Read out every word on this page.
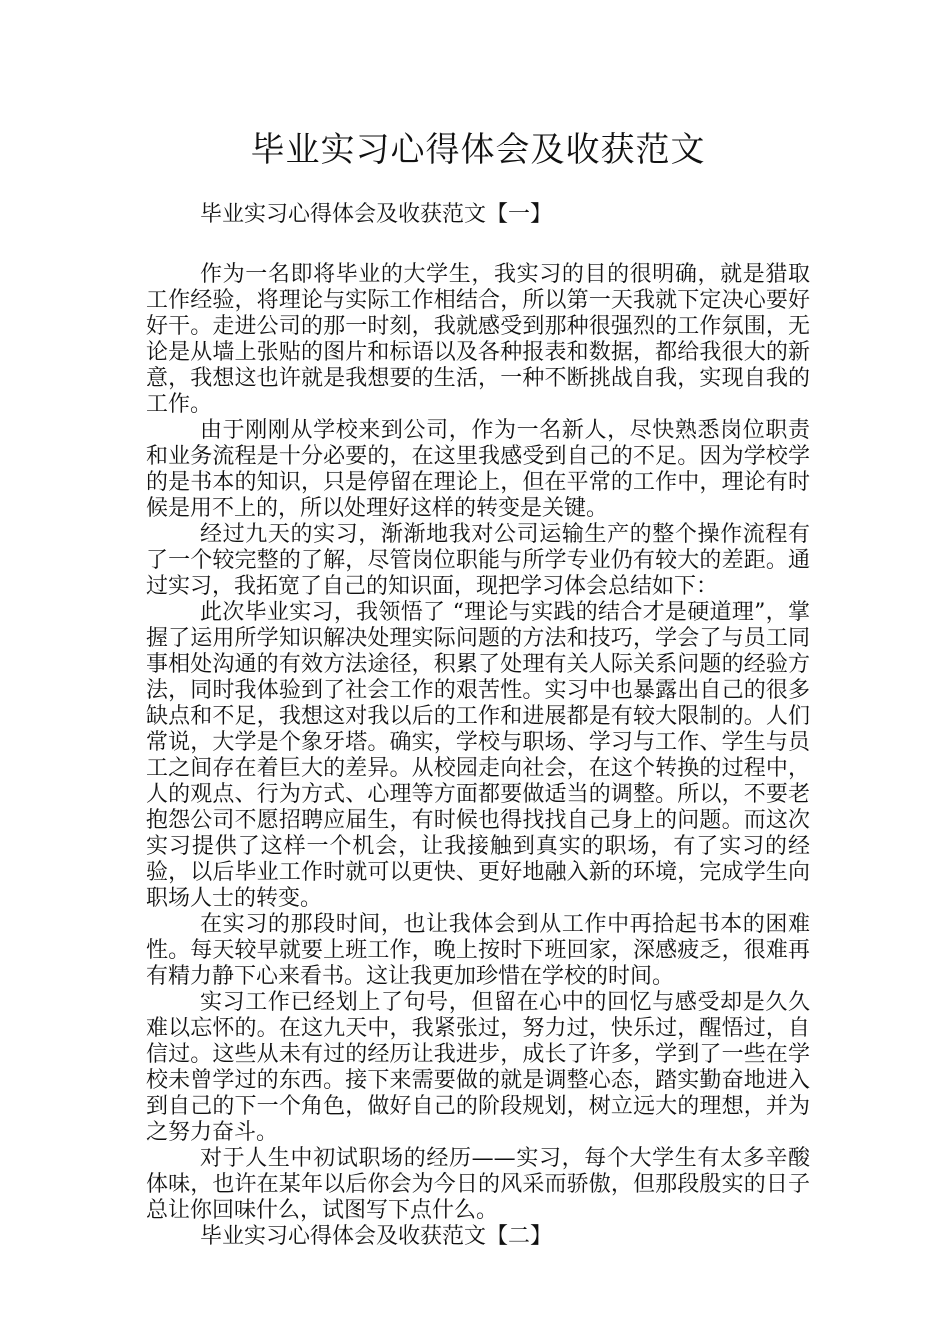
毕业实习心得体会及收获范文

毕业实习心得体会及收获范文【一】

作为一名即将毕业的大学生，我实习的目的很明确，就是猎取工作经验，将理论与实际工作相结合，所以第一天我就下定决心要好好干。走进公司的那一时刻，我就感受到那种很强烈的工作氛围，无论是从墙上张贴的图片和标语以及各种报表和数据，都给我很大的新意，我想这也许就是我想要的生活，一种不断挑战自我，实现自我的工作。

由于刚刚从学校来到公司，作为一名新人，尽快熟悉岗位职责和业务流程是十分必要的，在这里我感受到自己的不足。因为学校学的是书本的知识，只是停留在理论上，但在平常的工作中，理论有时候是用不上的，所以处理好这样的转变是关键。

经过九天的实习，渐渐地我对公司运输生产的整个操作流程有了一个较完整的了解，尽管岗位职能与所学专业仍有较大的差距。通过实习，我拓宽了自己的知识面，现把学习体会总结如下：

此次毕业实习，我领悟了 “理论与实践的结合才是硬道理”，掌握了运用所学知识解决处理实际问题的方法和技巧，学会了与员工同事相处沟通的有效方法途径，积累了处理有关人际关系问题的经验方法，同时我体验到了社会工作的艰苦性。实习中也暴露出自己的很多缺点和不足，我想这对我以后的工作和进展都是有较大限制的。人们常说，大学是个象牙塔。确实，学校与职场、学习与工作、学生与员工之间存在着巨大的差异。从校园走向社会，在这个转换的过程中，人的观点、行为方式、心理等方面都要做适当的调整。所以，不要老抱怨公司不愿招聘应届生，有时候也得找找自己身上的问题。而这次实习提供了这样一个机会，让我接触到真实的职场，有了实习的经验，以后毕业工作时就可以更快、更好地融入新的环境，完成学生向职场人士的转变。

在实习的那段时间，也让我体会到从工作中再拾起书本的困难性。每天较早就要上班工作，晚上按时下班回家，深感疲乏，很难再有精力静下心来看书。这让我更加珍惜在学校的时间。

实习工作已经划上了句号，但留在心中的回忆与感受却是久久难以忘怀的。在这九天中，我紧张过，努力过，快乐过，醒悟过，自信过。这些从未有过的经历让我进步，成长了许多，学到了一些在学校未曾学过的东西。接下来需要做的就是调整心态，踏实勤奋地进入到自己的下一个角色，做好自己的阶段规划，树立远大的理想，并为之努力奋斗。

对于人生中初试职场的经历——实习，每个大学生有太多辛酸体味，也许在某年以后你会为今日的风采而骄傲，但那段殷实的日子总让你回味什么，试图写下点什么。

毕业实习心得体会及收获范文【二】
